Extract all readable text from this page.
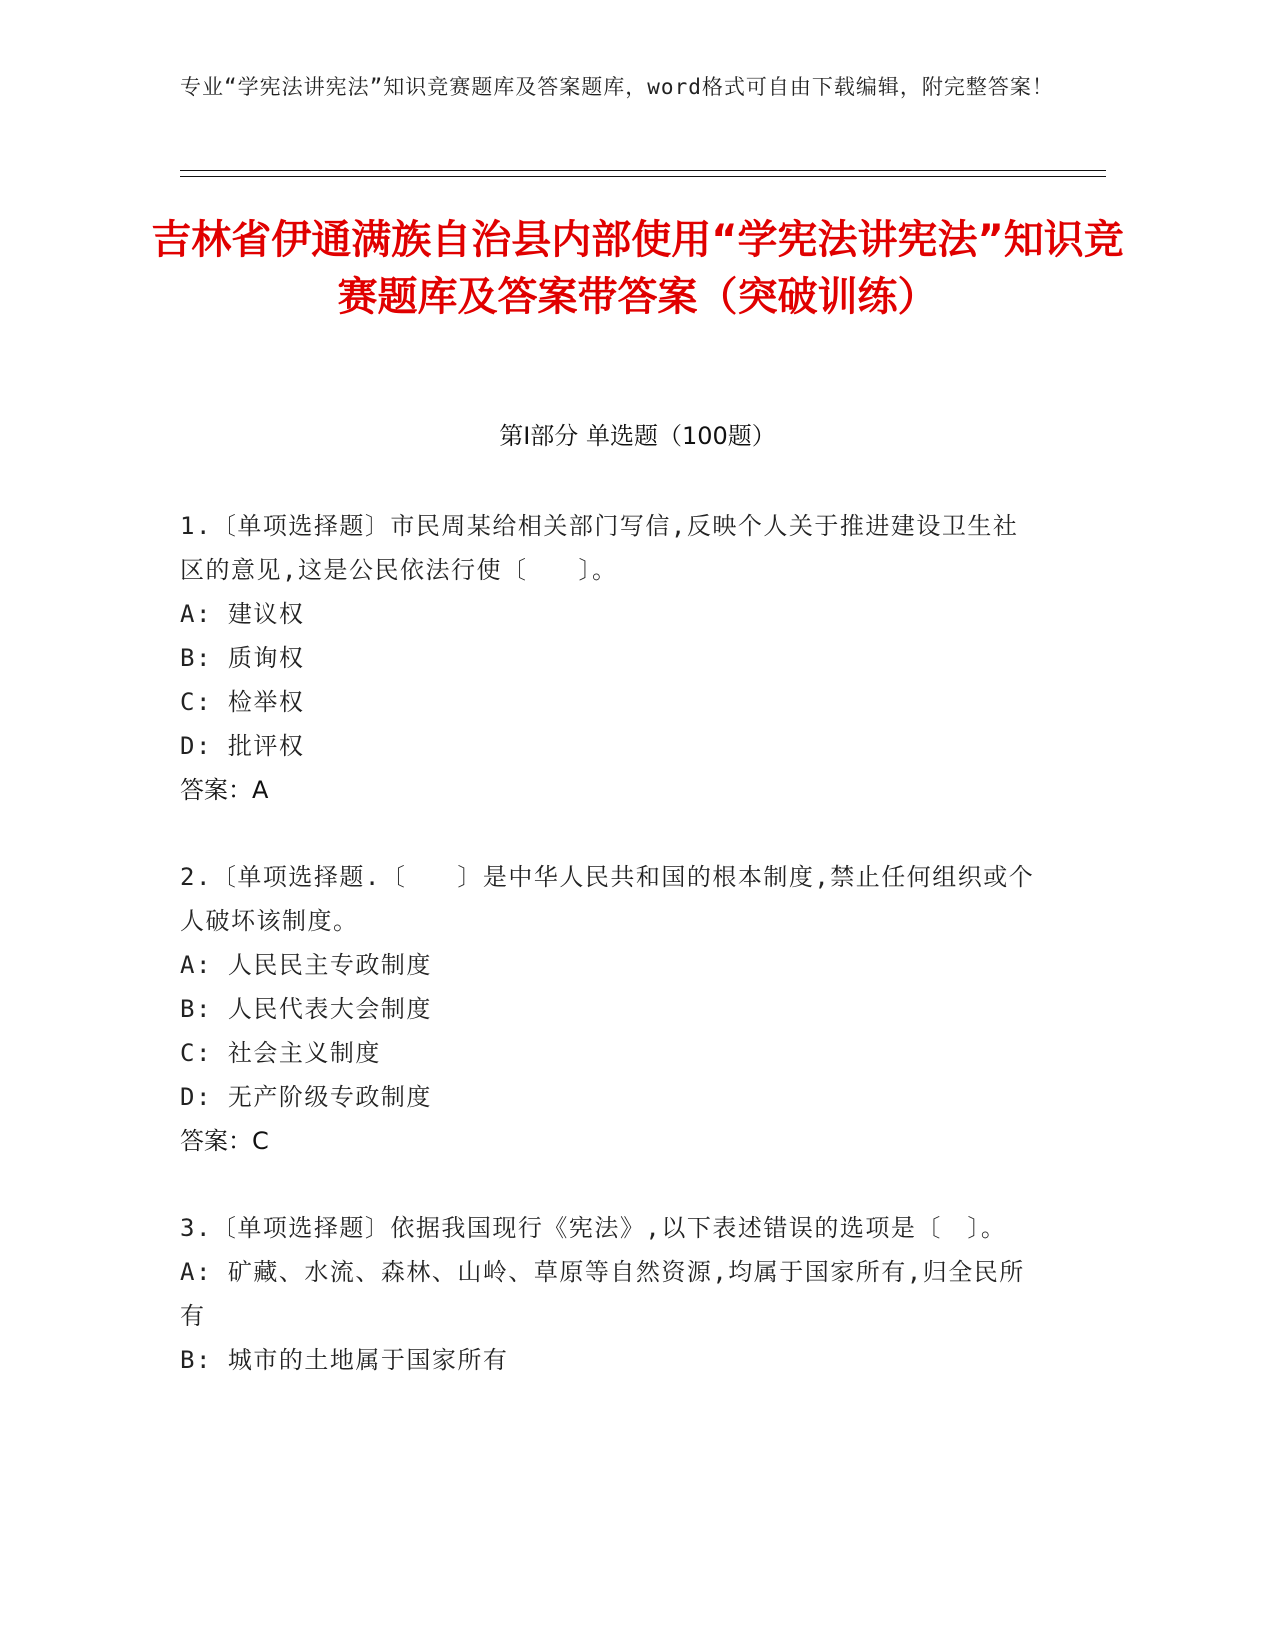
专业“学宪法讲宪法”知识竞赛题库及答案题库，word格式可自由下载编辑，附完整答案！
吉林省伊通满族自治县内部使用“学宪法讲宪法”知识竞赛题库及答案带答案（突破训练）
第Ⅰ部分 单选题（100题）
1.〔单项选择题〕市民周某给相关部门写信,反映个人关于推进建设卫生社区的意见,这是公民依法行使〔　　〕。
A: 建议权
B: 质询权
C: 检举权
D: 批评权
答案：A
2.〔单项选择题.〔　　〕是中华人民共和国的根本制度,禁止任何组织或个人破坏该制度。
A: 人民民主专政制度
B: 人民代表大会制度
C: 社会主义制度
D: 无产阶级专政制度
答案：C
3.〔单项选择题〕依据我国现行《宪法》,以下表述错误的选项是〔　〕。
A: 矿藏、水流、森林、山岭、草原等自然资源,均属于国家所有,归全民所有
B: 城市的土地属于国家所有
